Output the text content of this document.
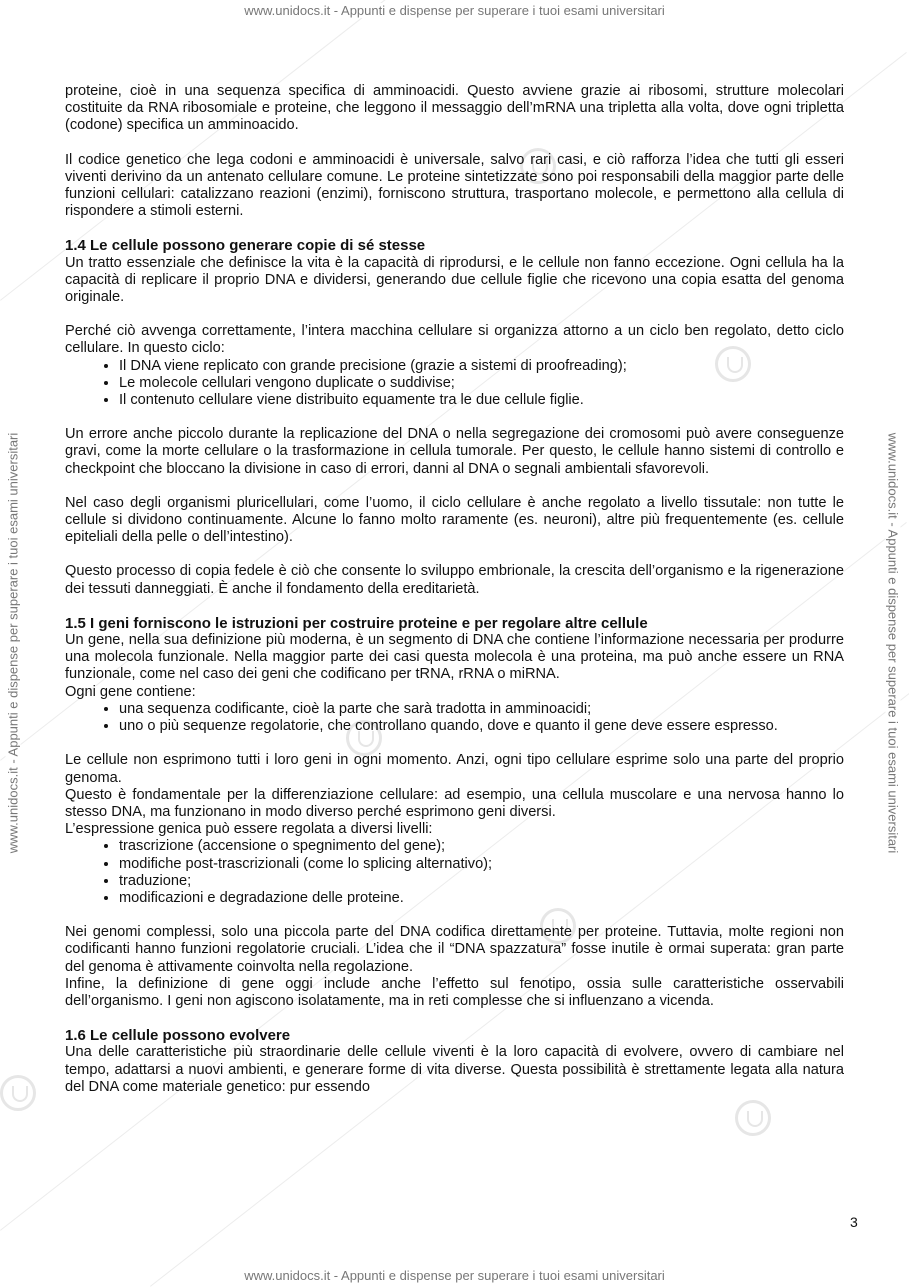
www.unidocs.it - Appunti e dispense per superare i tuoi esami universitari
www.unidocs.it - Appunti e dispense per superare i tuoi esami universitari
www.unidocs.it - Appunti e dispense per superare i tuoi esami universitari	www.unidocs.it - Appunti e dispense per superare i tuoi esami universitari

proteine, cioè in una sequenza specifica di amminoacidi. Questo avviene grazie ai ribosomi, strutture molecolari costituite da RNA ribosomiale e proteine, che leggono il messaggio dell’mRNA una tripletta alla volta, dove ogni tripletta (codone) specifica un amminoacido.

Il codice genetico che lega codoni e amminoacidi è universale, salvo rari casi, e ciò rafforza l’idea che tutti gli esseri viventi derivino da un antenato cellulare comune. Le proteine sintetizzate sono poi responsabili della maggior parte delle funzioni cellulari: catalizzano reazioni (enzimi), forniscono struttura, trasportano molecole, e permettono alla cellula di rispondere a stimoli esterni.

1.4 Le cellule possono generare copie di sé stesse

Un tratto essenziale che definisce la vita è la capacità di riprodursi, e le cellule non fanno eccezione. Ogni cellula ha la capacità di replicare il proprio DNA e dividersi, generando due cellule figlie che ricevono una copia esatta del genoma originale.

Perché ciò avvenga correttamente, l’intera macchina cellulare si organizza attorno a un ciclo ben regolato, detto ciclo cellulare. In questo ciclo:

• Il DNA viene replicato con grande precisione (grazie a sistemi di proofreading);
• Le molecole cellulari vengono duplicate o suddivise;
• Il contenuto cellulare viene distribuito equamente tra le due cellule figlie.

Un errore anche piccolo durante la replicazione del DNA o nella segregazione dei cromosomi può avere conseguenze gravi, come la morte cellulare o la trasformazione in cellula tumorale. Per questo, le cellule hanno sistemi di controllo e checkpoint che bloccano la divisione in caso di errori, danni al DNA o segnali ambientali sfavorevoli.

Nel caso degli organismi pluricellulari, come l’uomo, il ciclo cellulare è anche regolato a livello tissutale: non tutte le cellule si dividono continuamente. Alcune lo fanno molto raramente (es. neuroni), altre più frequentemente (es. cellule epiteliali della pelle o dell’intestino).

Questo processo di copia fedele è ciò che consente lo sviluppo embrionale, la crescita dell’organismo e la rigenerazione dei tessuti danneggiati. È anche il fondamento della ereditarietà.

1.5 I geni forniscono le istruzioni per costruire proteine e per regolare altre cellule

Un gene, nella sua definizione più moderna, è un segmento di DNA che contiene l’informazione necessaria per produrre una molecola funzionale. Nella maggior parte dei casi questa molecola è una proteina, ma può anche essere un RNA funzionale, come nel caso dei geni che codificano per tRNA, rRNA o miRNA.

Ogni gene contiene:

• una sequenza codificante, cioè la parte che sarà tradotta in amminoacidi;
• uno o più sequenze regolatorie, che controllano quando, dove e quanto il gene deve essere espresso.

Le cellule non esprimono tutti i loro geni in ogni momento. Anzi, ogni tipo cellulare esprime solo una parte del proprio genoma.

Questo è fondamentale per la differenziazione cellulare: ad esempio, una cellula muscolare e una nervosa hanno lo stesso DNA, ma funzionano in modo diverso perché esprimono geni diversi.

L’espressione genica può essere regolata a diversi livelli:

• trascrizione (accensione o spegnimento del gene);
• modifiche post-trascrizionali (come lo splicing alternativo);
• traduzione;
• modificazioni e degradazione delle proteine.

Nei genomi complessi, solo una piccola parte del DNA codifica direttamente per proteine. Tuttavia, molte regioni non codificanti hanno funzioni regolatorie cruciali. L’idea che il “DNA spazzatura” fosse inutile è ormai superata: gran parte del genoma è attivamente coinvolta nella regolazione.

Infine, la definizione di gene oggi include anche l’effetto sul fenotipo, ossia sulle caratteristiche osservabili dell’organismo. I geni non agiscono isolatamente, ma in reti complesse che si influenzano a vicenda.

1.6 Le cellule possono evolvere

Una delle caratteristiche più straordinarie delle cellule viventi è la loro capacità di evolvere, ovvero di cambiare nel tempo, adattarsi a nuovi ambienti, e generare forme di vita diverse. Questa possibilità è strettamente legata alla natura del DNA come materiale genetico: pur essendo

3
